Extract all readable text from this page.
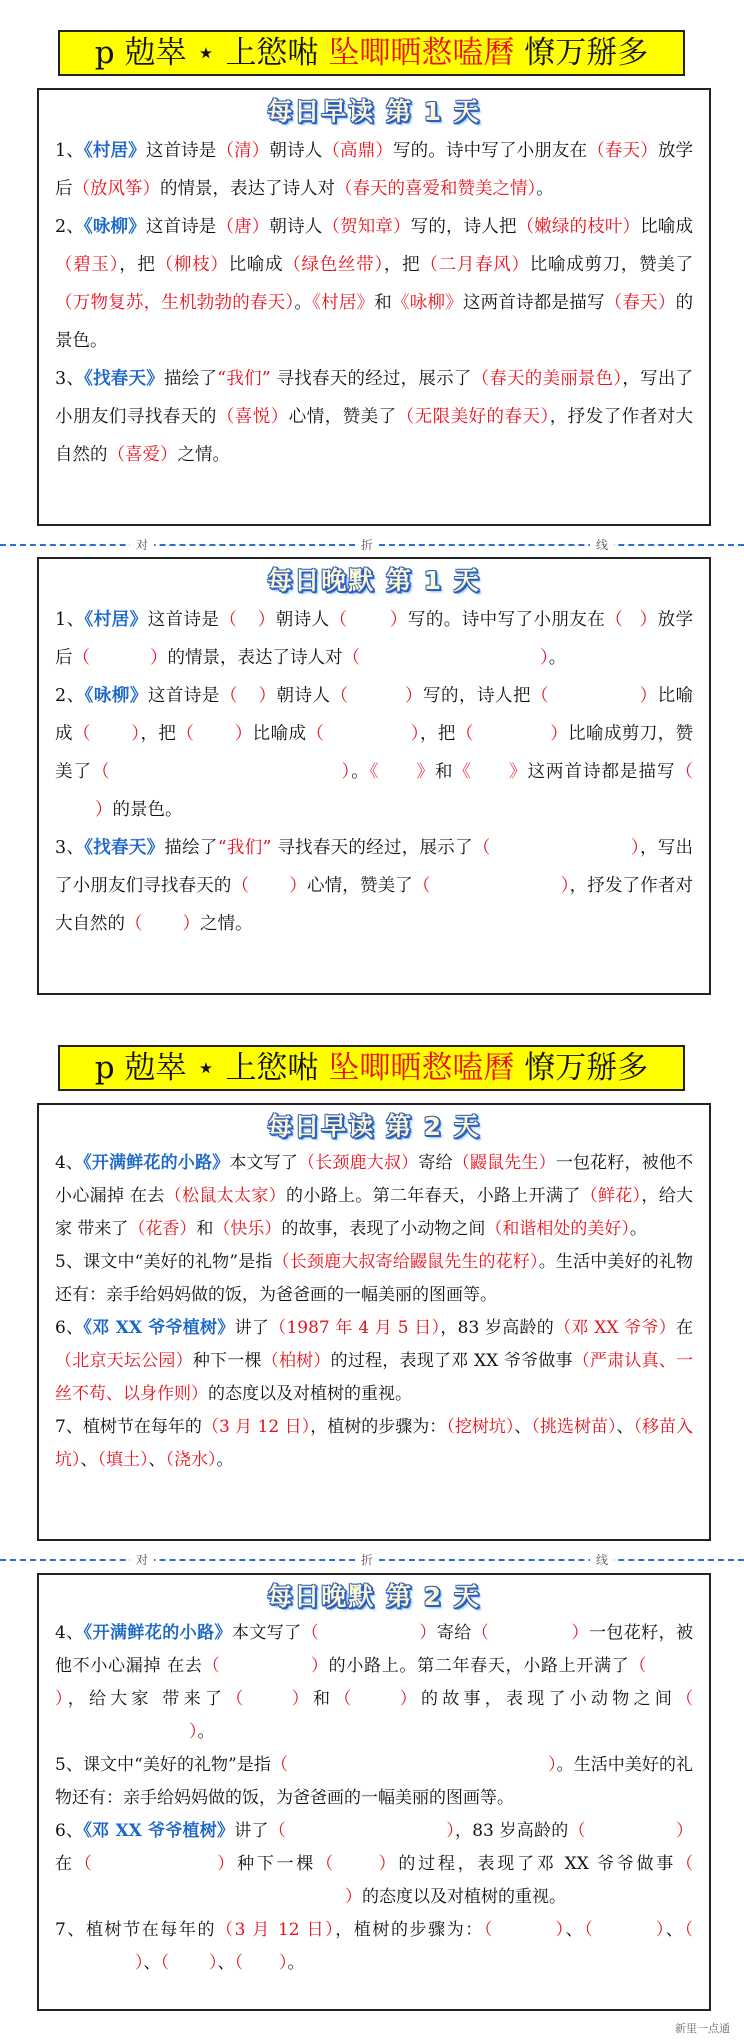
p 勊崒 ⋆ 上慾喖 坠唧晒慦嗑曆 憭万掰多
每日早读 第 1 天

1、《村居》这首诗是（清）朝诗人（高鼎）写的。诗中写了小朋友在（春天）放学后（放风筝）的情景，表达了诗人对（春天的喜爱和赞美之情）。

2、《咏柳》这首诗是（唐）朝诗人（贺知章）写的，诗人把（嫩绿的枝叶）比喻成（碧玉），把（柳枝）比喻成（绿色丝带），把（二月春风）比喻成剪刀，赞美了（万物复苏，生机勃勃的春天）。《村居》和《咏柳》这两首诗都是描写（春天）的景色。

3、《找春天》描绘了“我们” 寻找春天的经过，展示了（春天的美丽景色），写出了小朋友们寻找春天的（喜悦）心情，赞美了（无限美好的春天），抒发了作者对大自然的（喜爱）之情。

对	折	线
每日晚默 第 1 天

1、《村居》这首诗是（ ）朝诗人（ ）写的。诗中写了小朋友在（ ）放学后（	）的情景，表达了诗人对（	）。

2、《咏柳》这首诗是（ ）朝诗人（	）写的，诗人把（	）比喻成（ ），把（ ）比喻成（	），把（	）比喻成剪刀，赞美了（	）。《 》和《 》这两首诗都是描写（）的景色。

3、《找春天》描绘了“我们” 寻找春天的经过，展示了（	），写出了小朋友们寻找春天的（ ）心情，赞美了（	），抒发了作者对大自然的（ ）之情。

p 勊崒 ⋆ 上慾喖 坠唧晒慦嗑曆 憭万掰多
每日早读 第 2 天

4、《开满鲜花的小路》本文写了（长颈鹿大叔）寄给（鼹鼠先生）一包花籽，被他不小心漏掉 在去（松鼠太太家）的小路上。第二年春天，小路上开满了（鲜花），给大家 带来了（花香）和（快乐）的故事，表现了小动物之间（和谐相处的美好）。

5、课文中“美好的礼物”是指（长颈鹿大叔寄给鼹鼠先生的花籽）。生活中美好的礼物还有：亲手给妈妈做的饭，为爸爸画的一幅美丽的图画等。

6、《邓 XX 爷爷植树》讲了（1987 年 4 月 5 日），83 岁高龄的（邓 XX 爷爷）在（北京天坛公园）种下一棵（柏树）的过程，表现了邓 XX 爷爷做事（严肃认真、一丝不苟、以身作则）的态度以及对植树的重视。

7、植树节在每年的（3 月 12 日），植树的步骤为：（挖树坑）、（挑选树苗）、（移苗入坑）、（填土）、（浇水）。

对	折	线
每日晚默 第 2 天

4、《开满鲜花的小路》本文写了（	）寄给（	）一包花籽，被他不小心漏掉 在去（	）的小路上。第二年春天，小路上开满了（），给大家 带来了（ ）和（ ）的故事，表现了小动物之间（）。

5、课文中“美好的礼物”是指（	）。生活中美好的礼物还有：亲手给妈妈做的饭，为爸爸画的一幅美丽的图画等。

6、《邓 XX 爷爷植树》讲了（	），83 岁高龄的（	）在（	）种下一棵（ ）的过程，表现了邓 XX 爷爷做事（）的态度以及对植树的重视。

7、植树节在每年的（3 月 12 日），植树的步骤为：（	）、（	）、（）、（ ）、（ ）。

新里一点通
